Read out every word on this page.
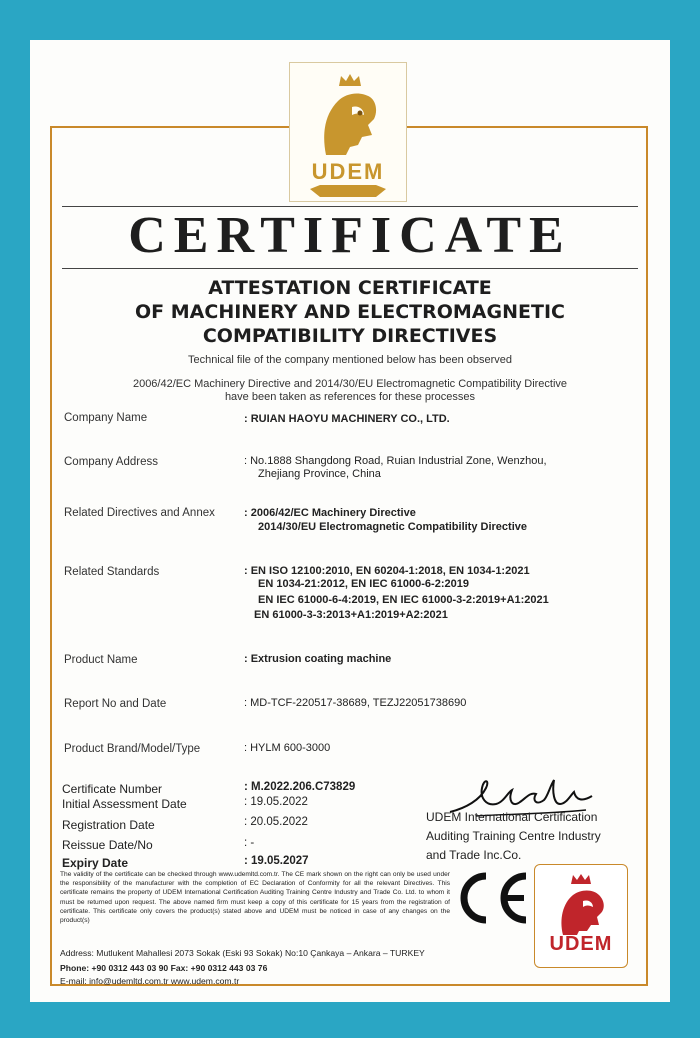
UDEM
CERTIFICATE
ATTESTATION CERTIFICATE
OF MACHINERY AND ELECTROMAGNETIC
COMPATIBILITY DIRECTIVES
Technical file of the company mentioned below has been observed
2006/42/EC Machinery Directive and 2014/30/EU Electromagnetic Compatibility Directive
have been taken as references for these processes
Company Name	: RUIAN HAOYU MACHINERY CO., LTD.
Company Address	: No.1888 Shangdong Road, Ruian Industrial Zone, Wenzhou,
Zhejiang Province, China
Related Directives and Annex	: 2006/42/EC Machinery Directive
2014/30/EU Electromagnetic Compatibility Directive
Related Standards	: EN ISO 12100:2010, EN 60204-1:2018, EN 1034-1:2021
EN 1034-21:2012, EN IEC 61000-6-2:2019
EN IEC 61000-6-4:2019, EN IEC 61000-3-2:2019+A1:2021
EN 61000-3-3:2013+A1:2019+A2:2021
Product Name	: Extrusion coating machine
Report No and Date	: MD-TCF-220517-38689, TEZJ22051738690
Product Brand/Model/Type	: HYLM 600-3000
Certificate Number	: M.2022.206.C73829
Initial Assessment Date	: 19.05.2022
Registration Date	: 20.05.2022
Reissue Date/No	: -
Expiry Date	: 19.05.2027
UDEM International Certification
Auditing Training Centre Industry
and Trade Inc.Co.
The validity of the certificate can be checked through www.udemltd.com.tr. The CE mark shown on the right can only be used under the responsibility of the manufacturer with the completion of EC Declaration of Conformity for all the relevant Directives. This certificate remains the property of UDEM International Certification Auditing Training Centre Industry and Trade Co. Ltd. to whom it must be returned upon request. The above named firm must keep a copy of this certificate for 15 years from the registration of certificate. This certificate only covers the product(s) stated above and UDEM must be noticed in case of any changes on the product(s)
Address: Mutlukent Mahallesi 2073 Sokak (Eski 93 Sokak) No:10 Çankaya – Ankara – TURKEY
Phone: +90 0312 443 03 90 Fax: +90 0312 443 03 76
E-mail: info@udemltd.com.tr www.udem.com.tr
UDEM
